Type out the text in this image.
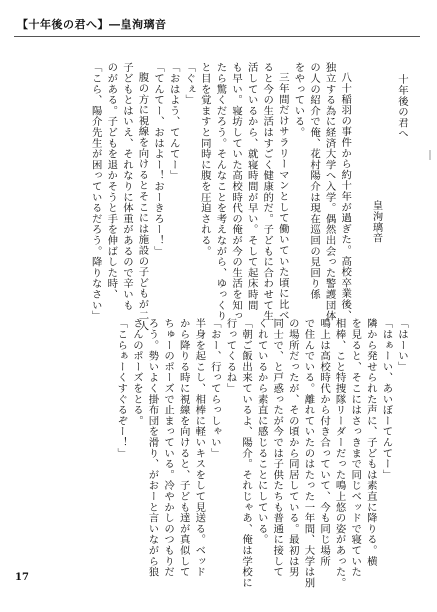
【十年後の君へ】―皇洵璃音

十年後の君へ

皇洵璃音

八十稲羽の事件から約十年が過ぎた。高校卒業後、

独立する為に経済大学へ入学。偶然出会った警護団体

の人の紹介で俺、花村陽介は現在巡回の見回り係

をやっている。

三年間だけサラリーマンとして働いていた頃に比べ

ると今の生活はすごく健康的だ。子どもに合わせて生

活しているから、就寝時間が早い。そして起床時間

も早い。寝坊していた高校時代の俺が今の生活を知っ

たら驚くだろう。そんなことを考えながら、ゆっくり

と目を覚ますと同時に腹を圧迫される。

「ぐぇ」

「おはよう、てんてー」

「てんてー、おはよー！おーきろー！」

腹の方に視線を向けるとそこには施設の子どもが二人

子どもとはいえ、それなりに体重があるので辛いも

のがある。子どもを退かそうと手を伸ばした時、

「こら、陽介先生が困っているだろう。降りなさい」

「はーい」

「はぁーい、あいぼーてんてー」

隣から発せられた声に、子どもは素直に降りる。横

を見ると、そこにはさっきまで同じベッドで寝ていた

相棒、こと特捜隊リーダーだった鳴上悠の姿があった。

鳴上は高校時代から付き合っていて、今も同じ場所

で住んでいる。離れていたのはたった一年間、大学は別

の場所だったが、その頃から同居している。最初は男

同士で、と戸惑ったが今では子供たちも普通に接して

くれているから素直に感じることにしている。

「朝ご飯出来ているよ、陽介。それじゃあ、俺は学校に

行ってくるね」

「おー、行ってらっしゃい」

半身を起こし、相棒に軽いキスをして見送る。ベッド

から降りる時に視線を向けると、子ども達が真似して

ちゅーのポーズで止まっている。冷やかしのつもりだ

ろう。勢いよく掛布団を滑り、がおーと言いながら狼

さんのポーズをとる。

「こらぁーくすぐるぞー！」

17
